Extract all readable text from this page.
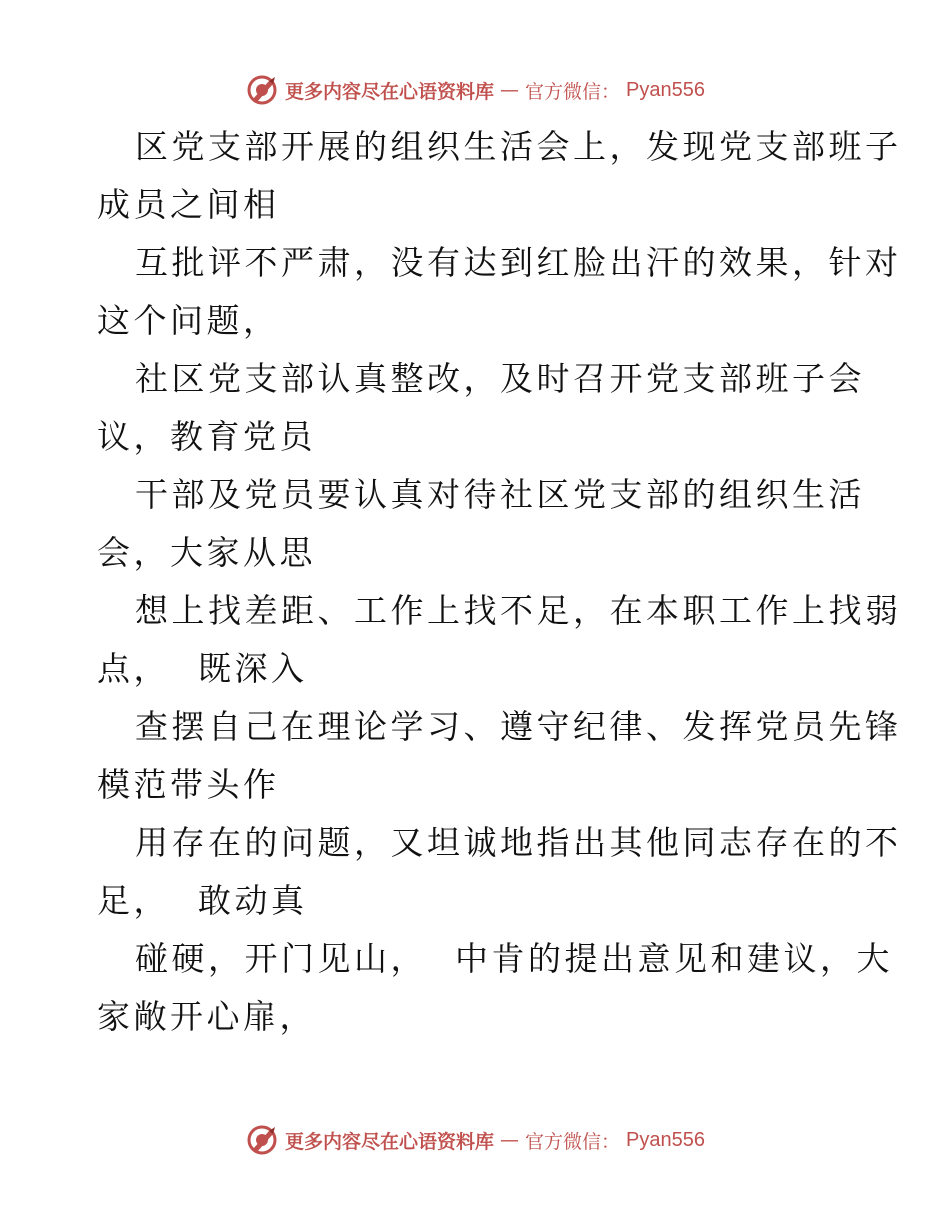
更多内容尽在心语资料库 — 官方微信： Pyan556
区党支部开展的组织生活会上，发现党支部班子
成员之间相
互批评不严肃，没有达到红脸出汗的效果，针对
这个问题，
社区党支部认真整改，及时召开党支部班子会
议，教育党员
干部及党员要认真对待社区党支部的组织生活
会，大家从思
想上找差距、工作上找不足，在本职工作上找弱
点，  既深入
查摆自己在理论学习、遵守纪律、发挥党员先锋
模范带头作
用存在的问题，又坦诚地指出其他同志存在的不
足，  敢动真
碰硬，开门见山，  中肯的提出意见和建议，大
家敞开心扉，
更多内容尽在心语资料库 — 官方微信： Pyan556
